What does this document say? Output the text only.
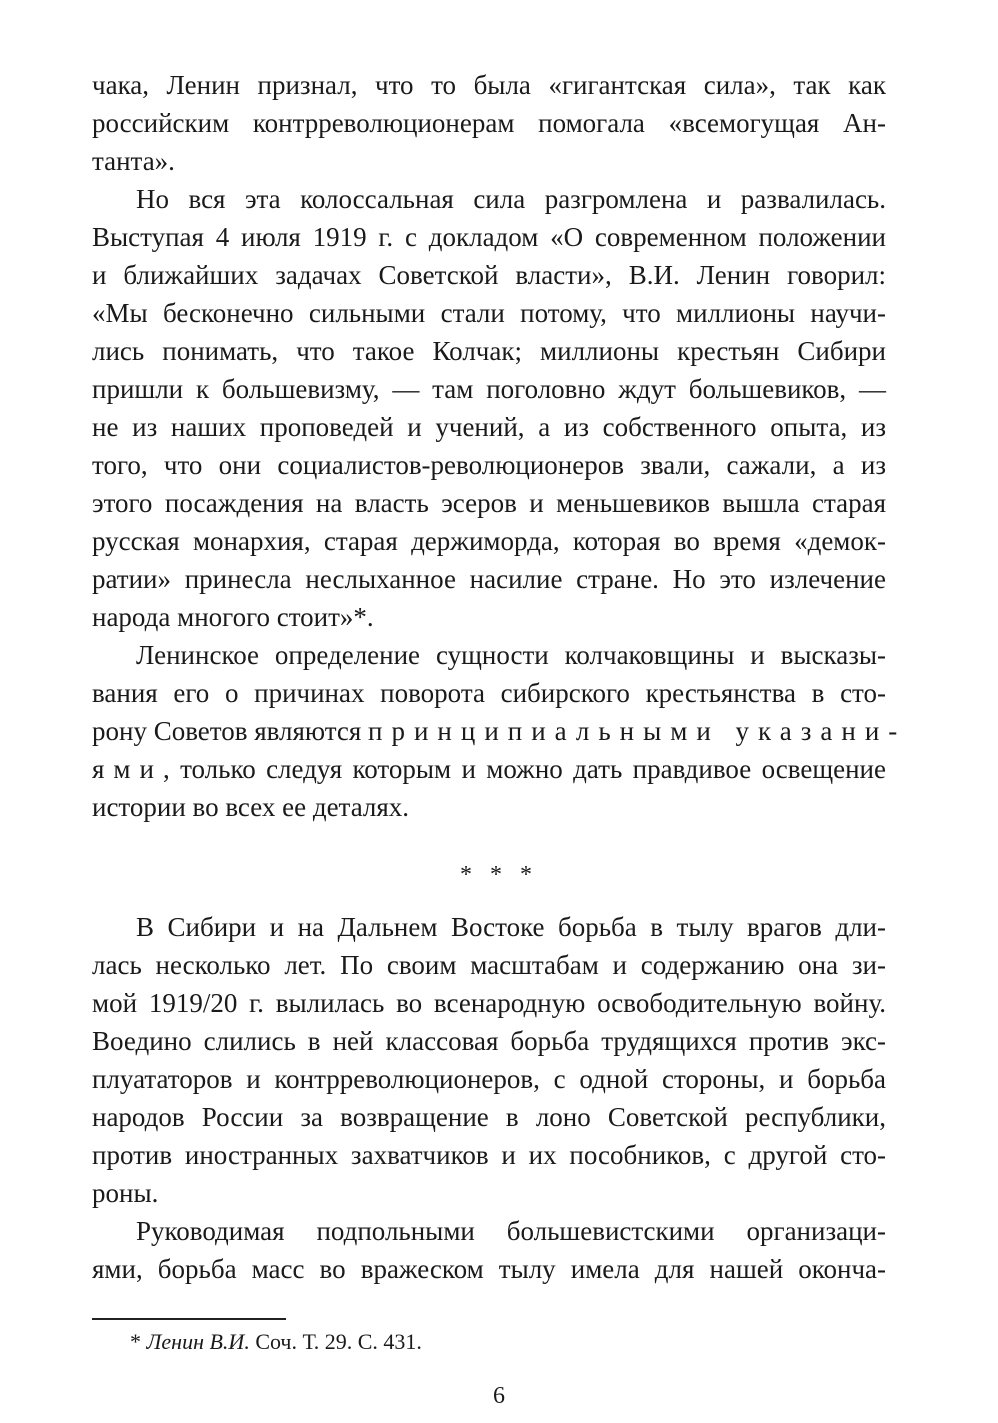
чака, Ленин признал, что то была «гигантская сила», так как
российским контрреволюционерам помогала «всемогущая Ан-
танта».
Но вся эта колоссальная сила разгромлена и развалилась.
Выступая 4 июля 1919 г. с докладом «О современном положении
и ближайших задачах Советской власти», В.И. Ленин говорил:
«Мы бесконечно сильными стали потому, что миллионы научи-
лись понимать, что такое Колчак; миллионы крестьян Сибири
пришли к большевизму, — там поголовно ждут большевиков, —
не из наших проповедей и учений, а из собственного опыта, из
того, что они социалистов-революционеров звали, сажали, а из
этого посаждения на власть эсеров и меньшевиков вышла старая
русская монархия, старая держиморда, которая во время «демок-
ратии» принесла неслыханное насилие стране. Но это излечение
народа многого стоит»*.
Ленинское определение сущности колчаковщины и высказы-
вания его о причинах поворота сибирского крестьянства в сто-
рону Советов являются принципиальными указани-
ями, только следуя которым и можно дать правдивое освещение
истории во всех ее деталях.
* * *
В Сибири и на Дальнем Востоке борьба в тылу врагов дли-
лась несколько лет. По своим масштабам и содержанию она зи-
мой 1919/20 г. вылилась во всенародную освободительную войну.
Воедино слились в ней классовая борьба трудящихся против экс-
плуататоров и контрреволюционеров, с одной стороны, и борьба
народов России за возвращение в лоно Советской республики,
против иностранных захватчиков и их пособников, с другой сто-
роны.
Руководимая подпольными большевистскими организаци-
ями, борьба масс во вражеском тылу имела для нашей оконча-
* Ленин В.И. Соч. Т. 29. С. 431.
6
